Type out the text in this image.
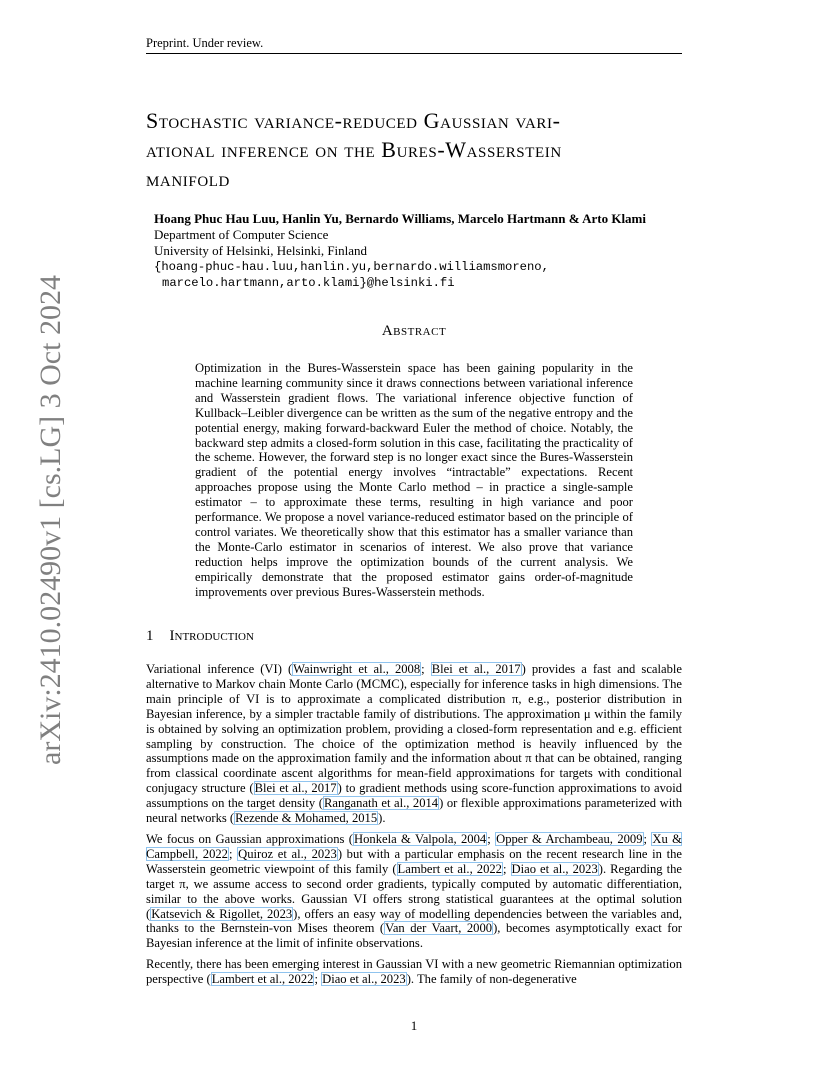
Preprint. Under review.
Stochastic variance-reduced Gaussian vari-
ational inference on the Bures-Wasserstein
manifold
Hoang Phuc Hau Luu, Hanlin Yu, Bernardo Williams, Marcelo Hartmann & Arto Klami
Department of Computer Science
University of Helsinki, Helsinki, Finland
{hoang-phuc-hau.luu,hanlin.yu,bernardo.williamsmoreno,
marcelo.hartmann,arto.klami}@helsinki.fi
arXiv:2410.02490v1 [cs.LG] 3 Oct 2024	Abstract
Optimization in the Bures-Wasserstein space has been gaining popularity in the machine learning community since it draws connections between variational inference and Wasserstein gradient flows. The variational inference objective function of Kullback–Leibler divergence can be written as the sum of the negative entropy and the potential energy, making forward-backward Euler the method of choice. Notably, the backward step admits a closed-form solution in this case, facilitating the practicality of the scheme. However, the forward step is no longer exact since the Bures-Wasserstein gradient of the potential energy involves “intractable” expectations. Recent approaches propose using the Monte Carlo method – in practice a single-sample estimator – to approximate these terms, resulting in high variance and poor performance. We propose a novel variance-reduced estimator based on the principle of control variates. We theoretically show that this estimator has a smaller variance than the Monte-Carlo estimator in scenarios of interest. We also prove that variance reduction helps improve the optimization bounds of the current analysis. We empirically demonstrate that the proposed estimator gains order-of-magnitude improvements over previous Bures-Wasserstein methods.
1 Introduction

Variational inference (VI) (Wainwright et al., 2008; Blei et al., 2017) provides a fast and scalable alternative to Markov chain Monte Carlo (MCMC), especially for inference tasks in high dimensions. The main principle of VI is to approximate a complicated distribution π, e.g., posterior distribution in Bayesian inference, by a simpler tractable family of distributions. The approximation μ within the family is obtained by solving an optimization problem, providing a closed-form representation and e.g. efficient sampling by construction. The choice of the optimization method is heavily influenced by the assumptions made on the approximation family and the information about π that can be obtained, ranging from classical coordinate ascent algorithms for mean-field approximations for targets with conditional conjugacy structure (Blei et al., 2017) to gradient methods using score-function approximations to avoid assumptions on the target density (Ranganath et al., 2014) or flexible approximations parameterized with neural networks (Rezende & Mohamed, 2015).

We focus on Gaussian approximations (Honkela & Valpola, 2004; Opper & Archambeau, 2009; Xu & Campbell, 2022; Quiroz et al., 2023) but with a particular emphasis on the recent research line in the Wasserstein geometric viewpoint of this family (Lambert et al., 2022; Diao et al., 2023). Regarding the target π, we assume access to second order gradients, typically computed by automatic differentiation, similar to the above works. Gaussian VI offers strong statistical guarantees at the optimal solution (Katsevich & Rigollet, 2023), offers an easy way of modelling dependencies between the variables and, thanks to the Bernstein-von Mises theorem (Van der Vaart, 2000), becomes asymptotically exact for Bayesian inference at the limit of infinite observations.

Recently, there has been emerging interest in Gaussian VI with a new geometric Riemannian optimization perspective (Lambert et al., 2022; Diao et al., 2023). The family of non-degenerative

1
